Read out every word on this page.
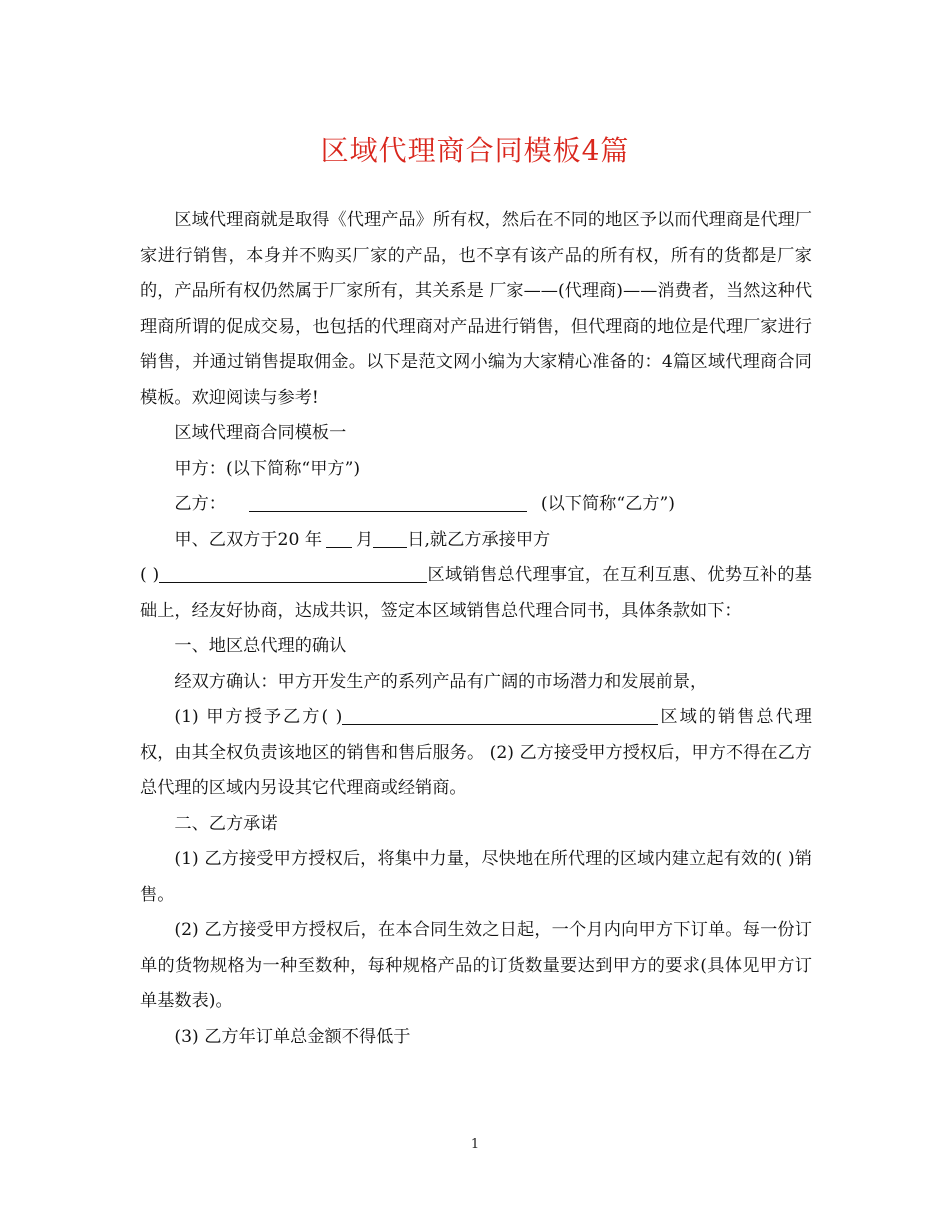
区域代理商合同模板4篇

区域代理商就是取得《代理产品》所有权，然后在不同的地区予以而代理商是代理厂家进行销售，本身并不购买厂家的产品，也不享有该产品的所有权，所有的货都是厂家的，产品所有权仍然属于厂家所有，其关系是 厂家——(代理商)——消费者，当然这种代理商所谓的促成交易，也包括的代理商对产品进行销售，但代理商的地位是代理厂家进行销售，并通过销售提取佣金。以下是范文网小编为大家精心准备的：4篇区域代理商合同模板。欢迎阅读与参考!

区域代理商合同模板一

甲方：(以下简称“甲方”)

乙方：	(以下简称“乙方”)

甲、乙双方于20 年 月 日,就乙方承接甲方

( )	区域销售总代理事宜，在互利互惠、优势互补的基础上，经友好协商，达成共识，签定本区域销售总代理合同书，具体条款如下：

一、地区总代理的确认

经双方确认：甲方开发生产的系列产品有广阔的市场潜力和发展前景，

(1) 甲方授予乙方( )	区域的销售总代理权，由其全权负责该地区的销售和售后服务。 (2) 乙方接受甲方授权后，甲方不得在乙方总代理的区域内另设其它代理商或经销商。

二、乙方承诺

(1) 乙方接受甲方授权后，将集中力量，尽快地在所代理的区域内建立起有效的( )销售。

(2) 乙方接受甲方授权后，在本合同生效之日起，一个月内向甲方下订单。每一份订单的货物规格为一种至数种，每种规格产品的订货数量要达到甲方的要求(具体见甲方订单基数表)。

(3) 乙方年订单总金额不得低于

1
